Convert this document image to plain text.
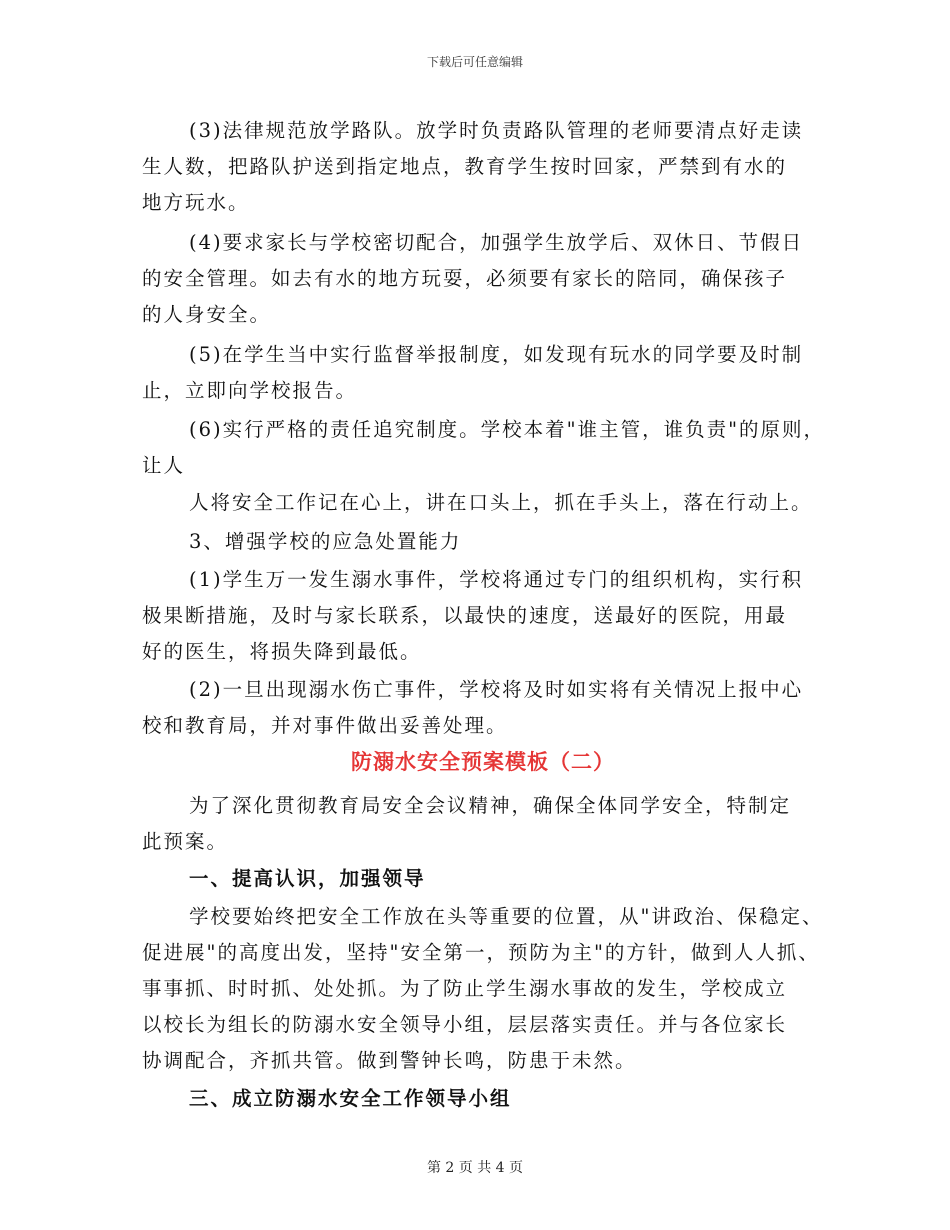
下载后可任意编辑
(3)法律规范放学路队。放学时负责路队管理的老师要清点好走读
生人数，把路队护送到指定地点，教育学生按时回家，严禁到有水的
地方玩水。
(4)要求家长与学校密切配合，加强学生放学后、双休日、节假日
的安全管理。如去有水的地方玩耍，必须要有家长的陪同，确保孩子
的人身安全。
(5)在学生当中实行监督举报制度，如发现有玩水的同学要及时制
止，立即向学校报告。
(6)实行严格的责任追究制度。学校本着"谁主管，谁负责"的原则，
让人
人将安全工作记在心上，讲在口头上，抓在手头上，落在行动上。
3、增强学校的应急处置能力
(1)学生万一发生溺水事件，学校将通过专门的组织机构，实行积
极果断措施，及时与家长联系，以最快的速度，送最好的医院，用最
好的医生，将损失降到最低。
(2)一旦出现溺水伤亡事件，学校将及时如实将有关情况上报中心
校和教育局，并对事件做出妥善处理。
防溺水安全预案模板（二）
为了深化贯彻教育局安全会议精神，确保全体同学安全，特制定
此预案。
一、提高认识，加强领导
学校要始终把安全工作放在头等重要的位置，从"讲政治、保稳定、
促进展"的高度出发，坚持"安全第一，预防为主"的方针，做到人人抓、
事事抓、时时抓、处处抓。为了防止学生溺水事故的发生，学校成立
以校长为组长的防溺水安全领导小组，层层落实责任。并与各位家长
协调配合，齐抓共管。做到警钟长鸣，防患于未然。
三、成立防溺水安全工作领导小组
第 2 页 共 4 页
